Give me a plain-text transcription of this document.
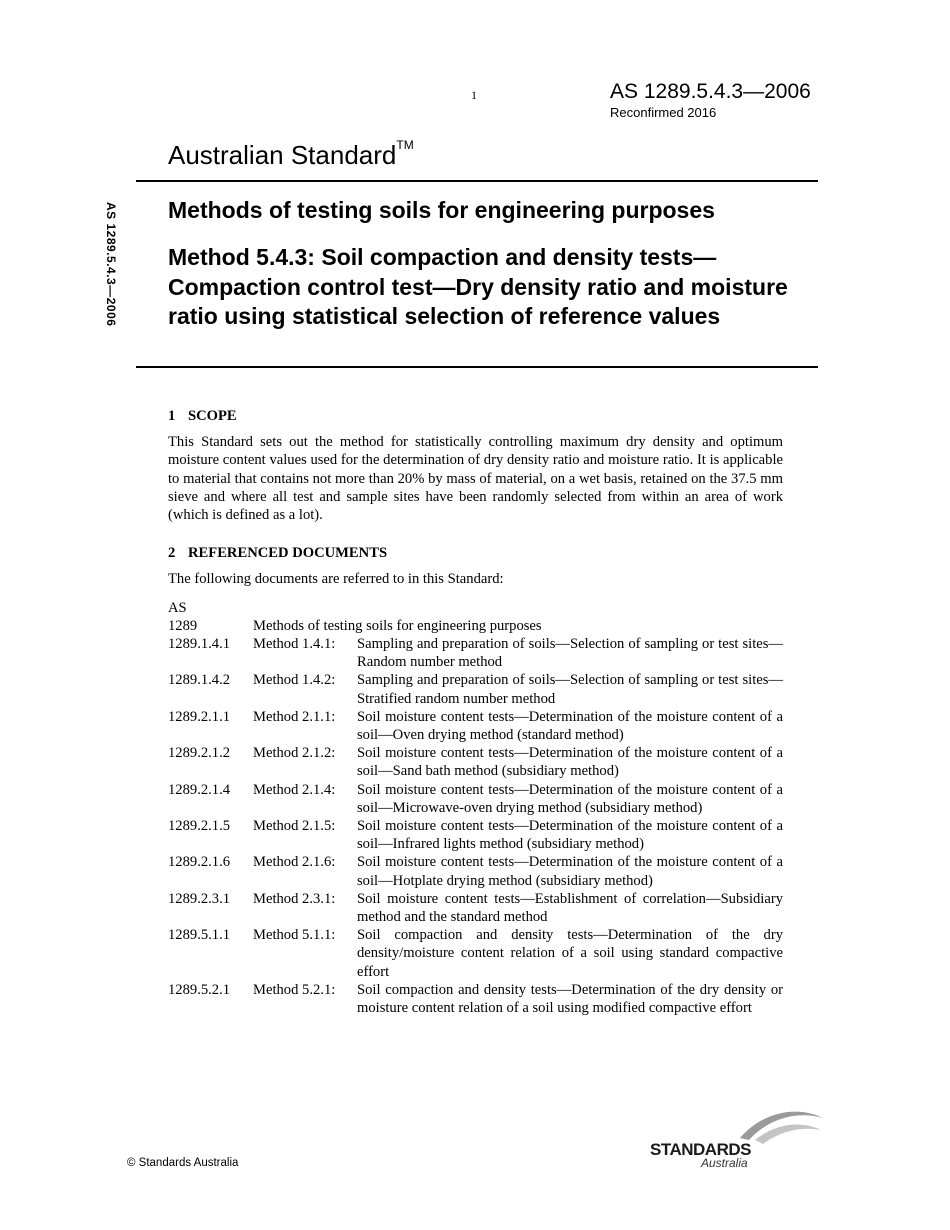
1	AS 1289.5.4.3—2006
Reconfirmed 2016
Australian Standard™
AS 1289.5.4.3—2006 Methods of testing soils for engineering purposes
Method 5.4.3: Soil compaction and density tests—Compaction control test—Dry density ratio and moisture ratio using statistical selection of reference values
1 SCOPE

This Standard sets out the method for statistically controlling maximum dry density and optimum moisture content values used for the determination of dry density ratio and moisture ratio. It is applicable to material that contains not more than 20% by mass of material, on a wet basis, retained on the 37.5 mm sieve and where all test and sample sites have been randomly selected from within an area of work (which is defined as a lot).

2 REFERENCED DOCUMENTS

The following documents are referred to in this Standard:

AS

1289	Methods of testing soils for engineering purposes	
1289.1.4.1	Method 1.4.1:	Sampling and preparation of soils—Selection of sampling or test sites—Random number method
1289.1.4.2	Method 1.4.2:	Sampling and preparation of soils—Selection of sampling or test sites—Stratified random number method
1289.2.1.1	Method 2.1.1:	Soil moisture content tests—Determination of the moisture content of a soil—Oven drying method (standard method)
1289.2.1.2	Method 2.1.2:	Soil moisture content tests—Determination of the moisture content of a soil—Sand bath method (subsidiary method)
1289.2.1.4	Method 2.1.4:	Soil moisture content tests—Determination of the moisture content of a soil—Microwave-oven drying method (subsidiary method)
1289.2.1.5	Method 2.1.5:	Soil moisture content tests—Determination of the moisture content of a soil—Infrared lights method (subsidiary method)
1289.2.1.6	Method 2.1.6:	Soil moisture content tests—Determination of the moisture content of a soil—Hotplate drying method (subsidiary method)
1289.2.3.1	Method 2.3.1:	Soil moisture content tests—Establishment of correlation—Subsidiary method and the standard method
1289.5.1.1	Method 5.1.1:	Soil compaction and density tests—Determination of the dry density/moisture content relation of a soil using standard compactive effort
1289.5.2.1	Method 5.2.1:	Soil compaction and density tests—Determination of the dry density or moisture content relation of a soil using modified compactive effort
© Standards Australia
STANDARDS
Australia
